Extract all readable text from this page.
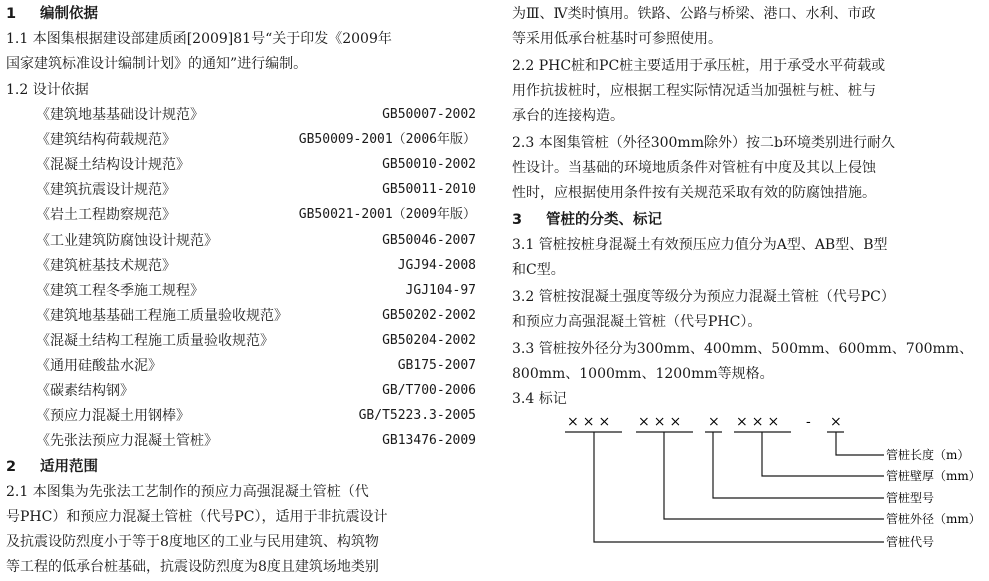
1 编制依据
1.1 本图集根据建设部建质函[2009]81号“关于印发《2009年
国家建筑标准设计编制计划》的通知”进行编制。
1.2 设计依据
《建筑地基基础设计规范》	GB50007-2002
《建筑结构荷载规范》	GB50009-2001（2006年版）
《混凝土结构设计规范》	GB50010-2002
《建筑抗震设计规范》	GB50011-2010
《岩土工程勘察规范》	GB50021-2001（2009年版）
《工业建筑防腐蚀设计规范》	GB50046-2007
《建筑桩基技术规范》	JGJ94-2008
《建筑工程冬季施工规程》	JGJ104-97
《建筑地基基础工程施工质量验收规范》	GB50202-2002
《混凝土结构工程施工质量验收规范》	GB50204-2002
《通用硅酸盐水泥》	GB175-2007
《碳素结构钢》	GB/T700-2006
《预应力混凝土用钢棒》	GB/T5223.3-2005
《先张法预应力混凝土管桩》	GB13476-2009
2 适用范围
2.1 本图集为先张法工艺制作的预应力高强混凝土管桩（代
号PHC）和预应力混凝土管桩（代号PC），适用于非抗震设计
及抗震设防烈度小于等于8度地区的工业与民用建筑、构筑物
等工程的低承台桩基础，抗震设防烈度为8度且建筑场地类别
为Ⅲ、Ⅳ类时慎用。铁路、公路与桥梁、港口、水利、市政
等采用低承台桩基时可参照使用。
2.2 PHC桩和PC桩主要适用于承压桩，用于承受水平荷载或
用作抗拔桩时，应根据工程实际情况适当加强桩与桩、桩与
承台的连接构造。
2.3 本图集管桩（外径300mm除外）按二b环境类别进行耐久
性设计。当基础的环境地质条件对管桩有中度及其以上侵蚀
性时，应根据使用条件按有关规范采取有效的防腐蚀措施。
3 管桩的分类、标记
3.1 管桩按桩身混凝土有效预压应力值分为A型、AB型、B型
和C型。
3.2 管桩按混凝土强度等级分为预应力混凝土管桩（代号PC）
和预应力高强混凝土管桩（代号PHC）。
3.3 管桩按外径分为300mm、400mm、500mm、600mm、700mm、
800mm、1000mm、1200mm等规格。
3.4 标记
××× ××× × ××× - ×
管桩长度（m）
管桩壁厚（mm）
管桩型号
管桩外径（mm）
管桩代号
